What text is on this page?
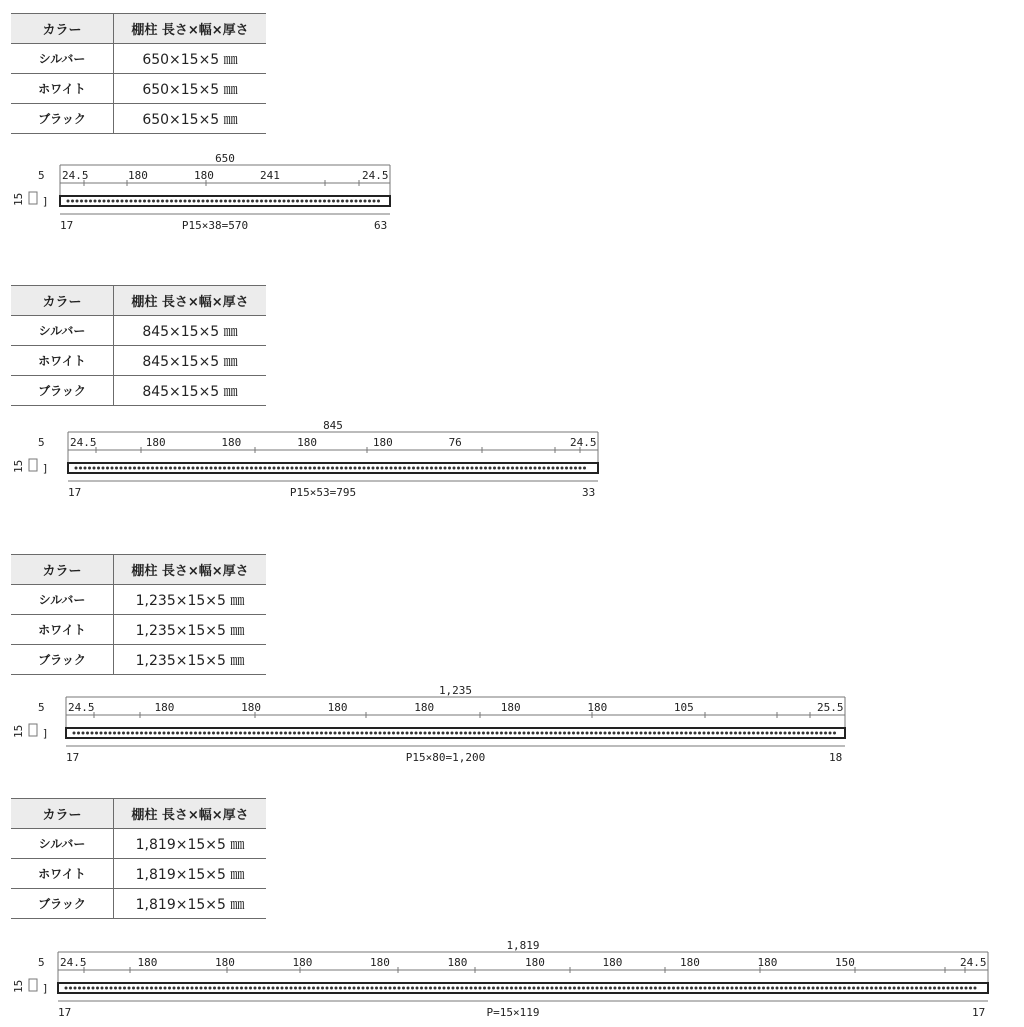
カラー	棚柱 長さ×幅×厚さ
シルバー	650×15×5 ㎜
ホワイト	650×15×5 ㎜
ブラック	650×15×5 ㎜
650
24.5	180	180	241	24.5
5
15 ]
17	P15×38=570	63
カラー	棚柱 長さ×幅×厚さ
シルバー	845×15×5 ㎜
ホワイト	845×15×5 ㎜
ブラック	845×15×5 ㎜
845
24.5	180	180	180	180	76	24.5
5
15 ]
17	P15×53=795	33
カラー	棚柱 長さ×幅×厚さ
シルバー	1,235×15×5 ㎜
ホワイト	1,235×15×5 ㎜
ブラック	1,235×15×5 ㎜
1,235
24.5	180	180	180	180	180	180	105	25.5
5
15 ]
17	P15×80=1,200	18
カラー	棚柱 長さ×幅×厚さ
シルバー	1,819×15×5 ㎜
ホワイト	1,819×15×5 ㎜
ブラック	1,819×15×5 ㎜
1,819
24.5	180	180	180	180	180	180	180	180	180	150	24.5
5
15 ]
17	P=15×119	17
